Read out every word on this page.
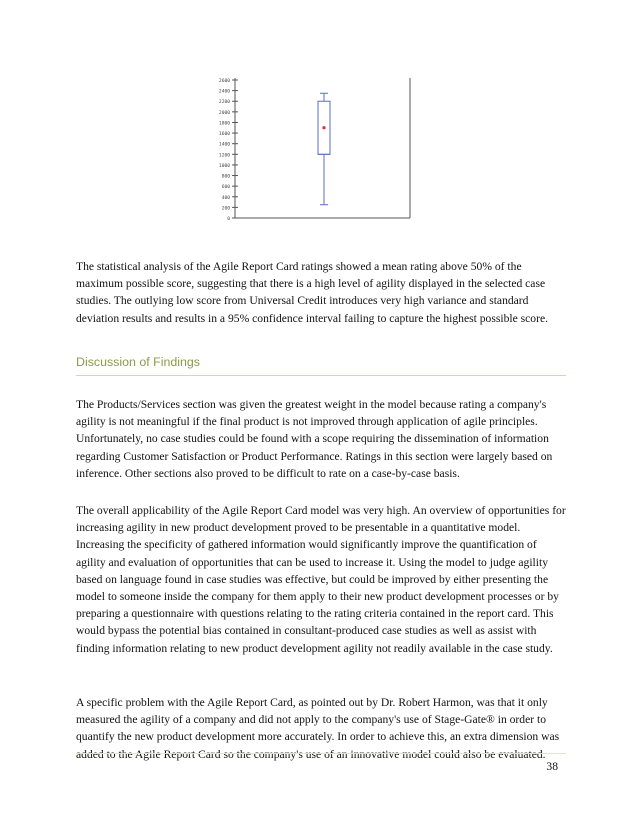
2600
2400
2200
2000
1800
1600
1400
1200
1000
800
600
400
200
0

The statistical analysis of the Agile Report Card ratings showed a mean rating above 50% of the maximum possible score, suggesting that there is a high level of agility displayed in the selected case studies. The outlying low score from Universal Credit introduces very high variance and standard deviation results and results in a 95% confidence interval failing to capture the highest possible score.

Discussion of Findings

The Products/Services section was given the greatest weight in the model because rating a company's agility is not meaningful if the final product is not improved through application of agile principles. Unfortunately, no case studies could be found with a scope requiring the dissemination of information regarding Customer Satisfaction or Product Performance. Ratings in this section were largely based on inference. Other sections also proved to be difficult to rate on a case-by-case basis.

The overall applicability of the Agile Report Card model was very high. An overview of opportunities for increasing agility in new product development proved to be presentable in a quantitative model. Increasing the specificity of gathered information would significantly improve the quantification of agility and evaluation of opportunities that can be used to increase it. Using the model to judge agility based on language found in case studies was effective, but could be improved by either presenting the model to someone inside the company for them apply to their new product development processes or by preparing a questionnaire with questions relating to the rating criteria contained in the report card. This would bypass the potential bias contained in consultant-produced case studies as well as assist with finding information relating to new product development agility not readily available in the case study.

A specific problem with the Agile Report Card, as pointed out by Dr. Robert Harmon, was that it only measured the agility of a company and did not apply to the company's use of Stage-Gate® in order to quantify the new product development more accurately. In order to achieve this, an extra dimension was added to the Agile Report Card so the company's use of an innovative model could also be evaluated.

38
